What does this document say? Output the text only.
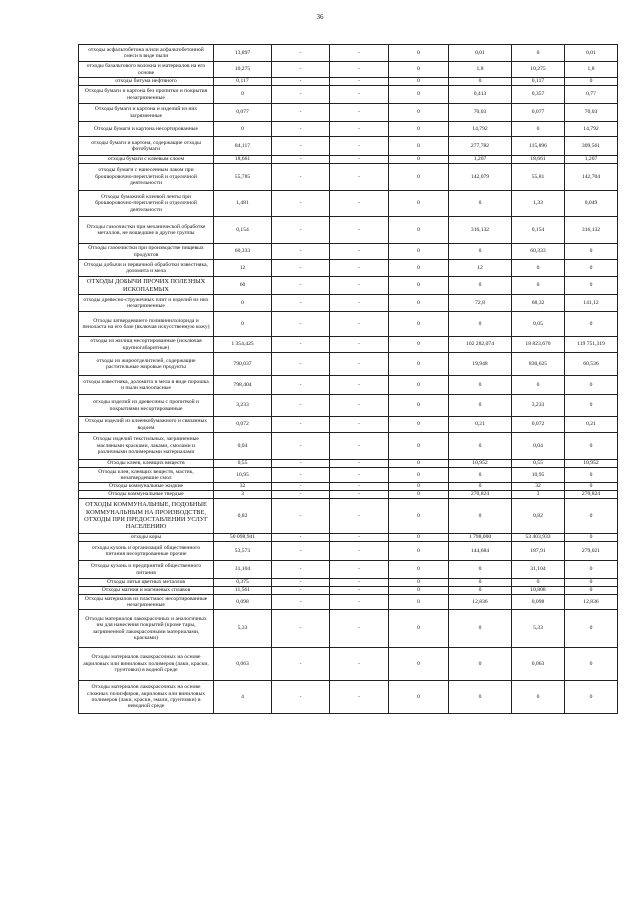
36
отходы асфальтобетона и/или асфальтобетонной смеси в виде пыли	13,897	-	-	0	0,01	0	0,01
отходы базальтового волокна и материалов на его основе	10,275	-	-	0	1,8	10,275	1,8
отходы битума нефтяного	0,117	-	-	0	0	0,117	0
Отходы бумаги и картона без пропитки и покрытия незагрязненные	0	-	-	0	0,413	0,357	0,77
Отходы бумаги и картона и изделий из них загрязненные	0,077	-	-	0	70,03	0,077	70,03
Отходы бумаги и картона несортированные	0	-	-	0	14,792	0	14,792
отходы бумаги и картона, содержащие отходы фотобумаги	84,117	-	-	0	277,782	115,896	309,561
отходы бумаги с клеевым слоем	18,661	-	-	0	1,207	18,661	1,207
отходы бумаги с нанесенным лаком при брошюровочно-переплетной и отделочной деятельности	55,785	-	-	0	142,079	55,81	142,704
Отходы бумажной клеевой ленты при брошюровочно-переплетной и отделочной деятельности	1,481	-	-	0	0	1,33	0,049
Отходы газоочистки при механической обработке металлов, не вошедшие в другие группы	0,154	-	-	0	316,132	0,154	316,132
Отходы газоочистки при производстве пищевых продуктов	60,333	-	-	0	0	60,333	0
Отходы добычи и первичной обработки известняка, доломита и мела	12	-	-	0	12	0	0
ОТХОДЫ ДОБЫЧИ ПРОЧИХ ПОЛЕЗНЫХ ИСКОПАЕМЫХ	60	-	-	0	0	0	0
отходы древесно-стружечных плит и изделий из них незагрязненные	0	-	-	0	72,8	68,32	141,12
Отходы затвердевшего поливинилхлорида и пеноласта на его базе (включая искусственную кожу)	0	-	-	0	0	0,05	0
отходы из жилищ несортированные (исключая крупногабаритные)	1 354,425	-	-	0	102 282,074	18 823,670	119 751,319
отходы из жироотделителей, содержащие растительные жировые продукты	790,037	-	-	0	19,948	830,625	60,536
отходы известняка, доломита и мела в виде порошка и пыли малоопасные	798,404	-	-	0	0	0	0
отходы изделий из древесины с пропиткой и покрытиями несортированные	3,233	-	-	0	0	3,233	0
Отходы изделий из клеенкобумажного и связанных водоем	0,072	-	-	0	0,21	0,072	0,21
Отходы изделий текстильных, загрязненные масляными красками, лаками, смолами и различными полимерными материалами	0,04	-	-	0	0	0,04	0
Отходы клеев, клеящих веществ	0,55	-	-	0	10,952	0,55	10,952
Отходы клея, клеящих веществ, мастик, незатвердевшие смол	10,95	-	-	0	0	10,95	0
Отходы коммунальные жидкие	32	-	-	0	0	32	0
Отходы коммунальные твердые	3	-	-	0	270,824	3	270,824
ОТХОДЫ КОММУНАЛЬНЫЕ, ПОДОБНЫЕ КОММУНАЛЬНЫМ НА ПРОИЗВОДСТВЕ, ОТХОДЫ ПРИ ПРЕДОСТАВЛЕНИИ УСЛУГ НАСЕЛЕНИЮ	0,82	-	-	0	0	0,82	0
отходы коры	50 098,941	-	-	0	1 798,000	53 403,933	0
отходы кухонь и организаций общественного питания несортированные прочие	53,573	-	-	0	144,684	187,91	279,021
Отходы кухонь и предприятий общественного питания	31,104	-	-	0	0	31,104	0
Отходы литья цветных металлов	0,375	-	-	0	0	0	0
Отходы магния и магниевых сплавов	11,561	-	-	0	0	10,808	0
Отходы материалов из пластмасс несортированные незагрязненные	0,098	-	-	0	12,836	0,098	12,836
Отходы материалов лакокрасочных и аналогичных им для нанесения покрытий (кроме тары, загрязненной лакокрасочными материалами, красками)	5,33	-	-	0	0	5,33	0
Отходы материалов лакокрасочных на основе акриловых или виниловых полимеров (лаки, краски, грунтовки) в водной среде	0,063	-	-	0	0	0,063	0
Отходы материалов лакокрасочных на основе сложных полиэфиров, акриловых или виниловых полимеров (лаки, краски, эмали, грунтовки) в неводной среде	4	-	-	0	0	0	0
